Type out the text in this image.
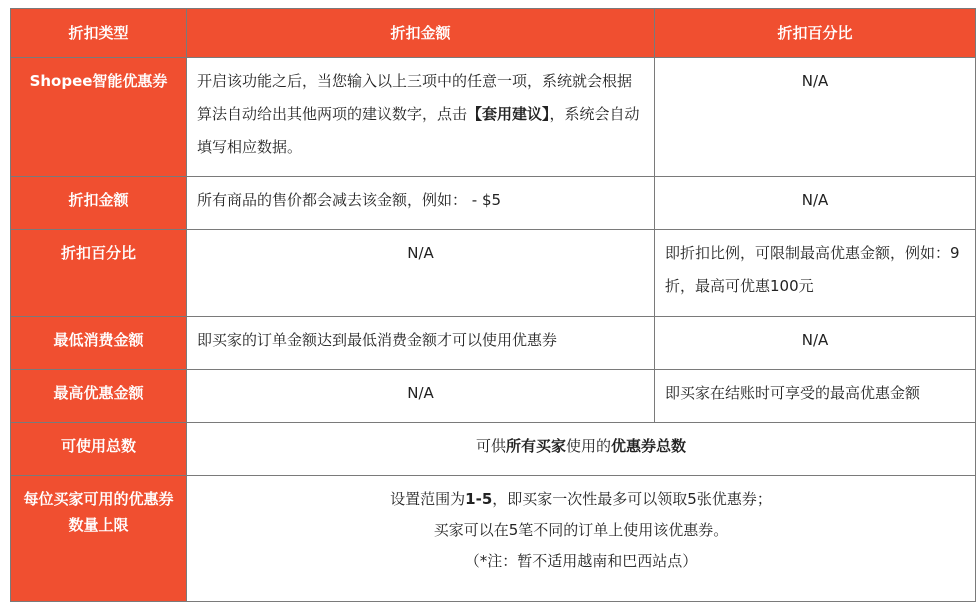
折扣类型	折扣金额	折扣百分比
Shopee智能优惠券	开启该功能之后，当您输入以上三项中的任意一项，系统就会根据算法自动给出其他两项的建议数字，点击【套用建议】，系统会自动填写相应数据。	N/A
折扣金额	所有商品的售价都会减去该金额，例如： - $5	N/A
折扣百分比	N/A	即折扣比例，可限制最高优惠金额，例如：9折，最高可优惠100元
最低消费金额	即买家的订单金额达到最低消费金额才可以使用优惠券	N/A
最高优惠金额	N/A	即买家在结账时可享受的最高优惠金额
可使用总数	可供所有买家使用的优惠券总数	
每位买家可用的优惠券数量上限	设置范围为1-5，即买家一次性最多可以领取5张优惠券；
买家可以在5笔不同的订单上使用该优惠券。
（*注：暂不适用越南和巴西站点）	
